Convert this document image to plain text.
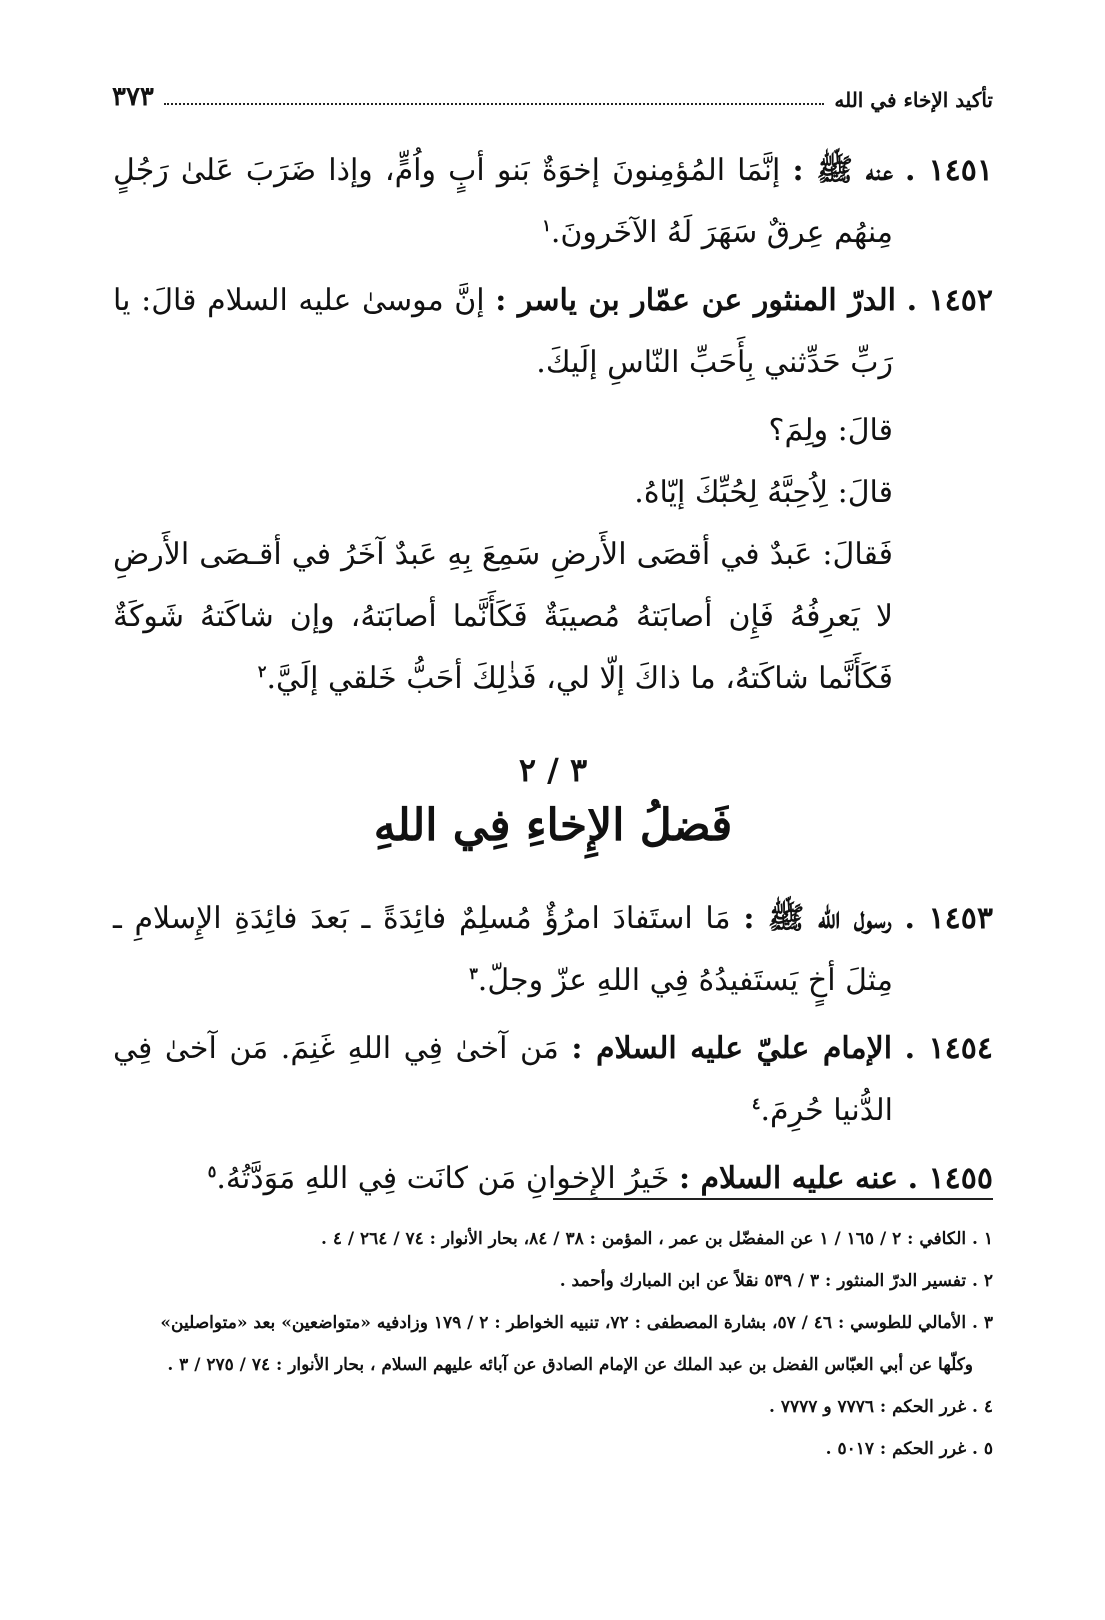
تأكيد الإخاء في الله
٣٧٣

١٤٥١ . عنه ﷺ : إنَّمَا المُؤمِنونَ إخوَةٌ بَنو أبٍ واُمٍّ، وإذا ضَرَبَ عَلىٰ رَجُلٍ مِنهُم عِرقٌ سَهَرَ لَهُ الآخَرونَ.$^١$

١٤٥٢ . الدرّ المنثور عن عمّار بن ياسر : إنَّ موسىٰ عليه السلام قالَ: يا رَبِّ حَدِّثني بِأَحَبِّ النّاسِ إلَيكَ.

قالَ: ولِمَ؟

قالَ: لِاُحِبَّهُ لِحُبِّكَ إيّاهُ.

فَقالَ: عَبدٌ في أقصَى الأَرضِ سَمِعَ بِهِ عَبدٌ آخَرُ في أقـصَى الأَرضِ لا يَعرِفُهُ فَإِن أصابَتهُ مُصيبَةٌ فَكَأَنَّما أصابَتهُ، وإن شاكَتهُ شَوكَةٌ فَكَأَنَّما شاكَتهُ، ما ذاكَ إلّا لي، فَذٰلِكَ أحَبُّ خَلقي إلَيَّ.$^٢$

٣ / ٢
فَضلُ الإِخاءِ فِي اللهِ

١٤٥٣ . رسول الله ﷺ : مَا استَفادَ امرُؤٌ مُسلِمٌ فائِدَةً ـ بَعدَ فائِدَةِ الإِسلامِ ـ مِثلَ أخٍ يَستَفيدُهُ فِي اللهِ عزّ وجلّ.$^٣$

١٤٥٤ . الإمام عليّ عليه السلام : مَن آخىٰ فِي اللهِ غَنِمَ. مَن آخىٰ فِي الدُّنيا حُرِمَ.$^٤$

١٤٥٥ . عنه عليه السلام : خَيرُ الإِخوانِ مَن كانَت فِي اللهِ مَوَدَّتُهُ.$^٥$

١ . الكافي : ٢ / ١٦٥ / ١ عن المفضّل بن عمر ، المؤمن : ٣٨ / ٨٤، بحار الأنوار : ٧٤ / ٢٦٤ / ٤ .

٢ . تفسير الدرّ المنثور : ٣ / ٥٣٩ نقلاً عن ابن المبارك وأحمد .

٣ . الأمالي للطوسي : ٤٦ / ٥٧، بشارة المصطفى : ٧٢، تنبيه الخواطر : ٢ / ١٧٩ وزادفيه «متواضعين» بعد «متواصلين»

وكلّها عن أبي العبّاس الفضل بن عبد الملك عن الإمام الصادق عن آبائه عليهم السلام ، بحار الأنوار : ٧٤ / ٢٧٥ / ٣ .

٤ . غرر الحكم : ٧٧٧٦ و ٧٧٧٧ .

٥ . غرر الحكم : ٥٠١٧ .
